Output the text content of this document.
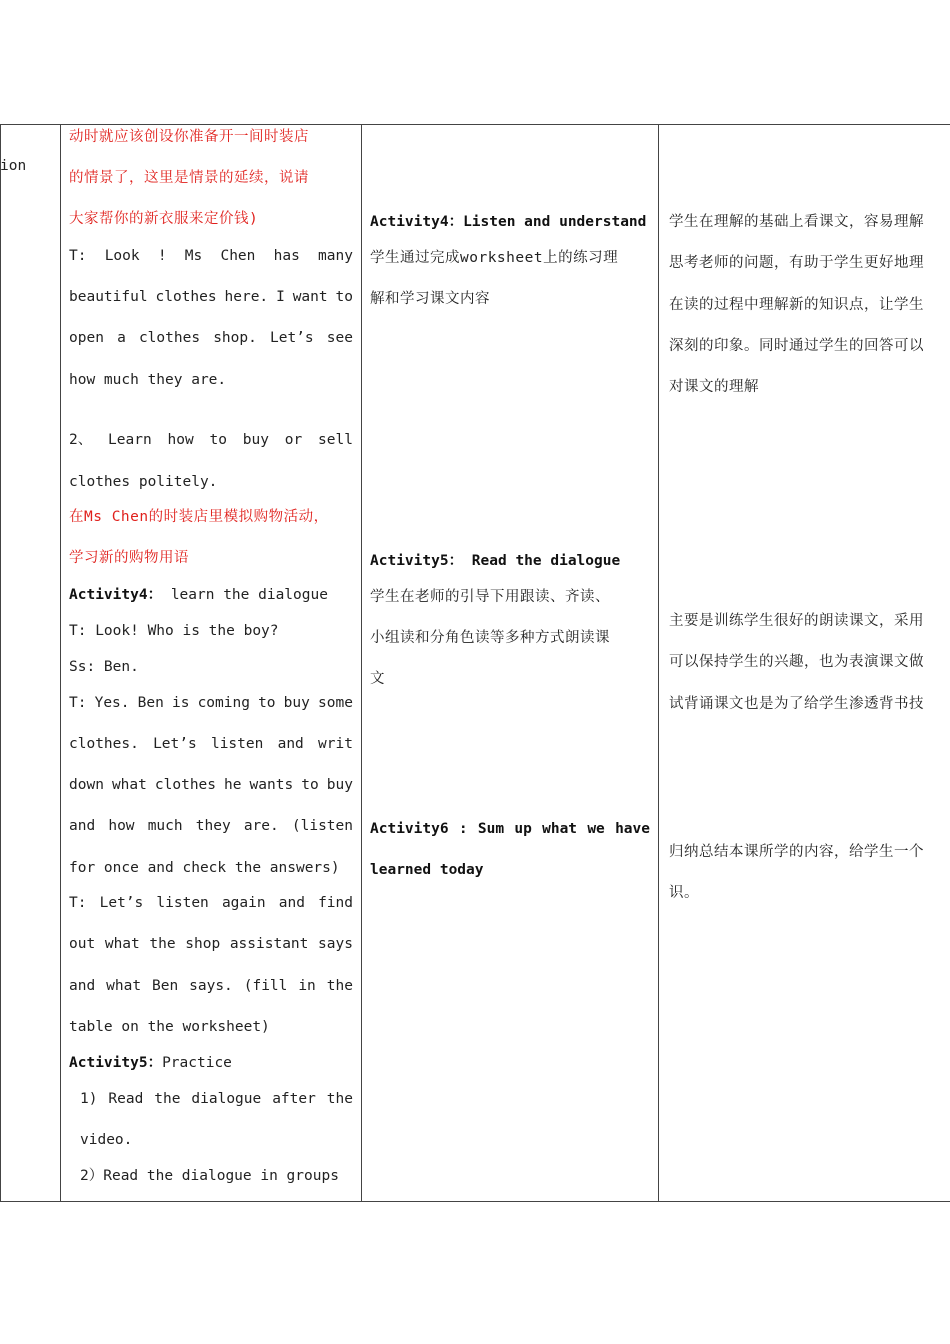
ion
动时就应该创设你准备开一间时装店
的情景了，这里是情景的延续，说请
大家帮你的新衣服来定价钱)
T: Look ! Ms Chen has many
beautiful clothes here. I want to
open a clothes shop. Let’s see
how much they are.
2、 Learn how to buy or sell
clothes politely.
在Ms Chen的时装店里模拟购物活动，
学习新的购物用语
Activity4： learn the dialogue
T: Look! Who is the boy?
Ss: Ben.
T: Yes. Ben is coming to buy some
clothes. Let’s listen and writ
down what clothes he wants to buy
and how much they are. (listen
for once and check the answers)
T: Let’s listen again and find
out what the shop assistant says
and what Ben says. (fill in the
table on the worksheet)
Activity5：Practice
1) Read the dialogue after the
video.
2）Read the dialogue in groups
Activity4：Listen and understand
学生通过完成worksheet上的练习理
解和学习课文内容
Activity5： Read the dialogue
学生在老师的引导下用跟读、齐读、
小组读和分角色读等多种方式朗读课
文
Activity6 : Sum up what we have
learned today
学生在理解的基础上看课文，容易理解
思考老师的问题，有助于学生更好地理
在读的过程中理解新的知识点，让学生
深刻的印象。同时通过学生的回答可以
对课文的理解
主要是训练学生很好的朗读课文，采用
可以保持学生的兴趣，也为表演课文做
试背诵课文也是为了给学生渗透背书技
归纳总结本课所学的内容，给学生一个
识。
